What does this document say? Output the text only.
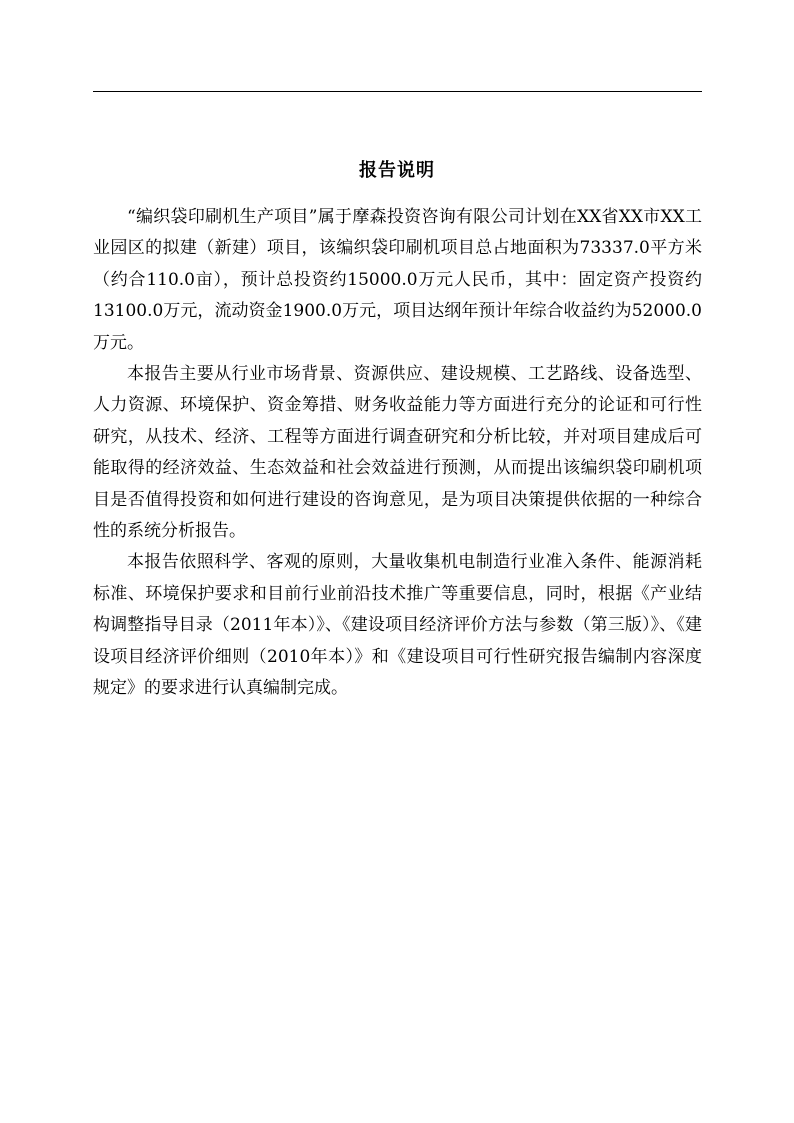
报告说明

“编织袋印刷机生产项目”属于摩森投资咨询有限公司计划在XX省XX市XX工业园区的拟建（新建）项目，该编织袋印刷机项目总占地面积为73337.0平方米（约合110.0亩），预计总投资约15000.0万元人民币，其中：固定资产投资约13100.0万元，流动资金1900.0万元，项目达纲年预计年综合收益约为52000.0万元。

本报告主要从行业市场背景、资源供应、建设规模、工艺路线、设备选型、人力资源、环境保护、资金筹措、财务收益能力等方面进行充分的论证和可行性研究，从技术、经济、工程等方面进行调查研究和分析比较，并对项目建成后可能取得的经济效益、生态效益和社会效益进行预测，从而提出该编织袋印刷机项目是否值得投资和如何进行建设的咨询意见，是为项目决策提供依据的一种综合性的系统分析报告。

本报告依照科学、客观的原则，大量收集机电制造行业准入条件、能源消耗标准、环境保护要求和目前行业前沿技术推广等重要信息，同时，根据《产业结构调整指导目录（2011年本）》、《建设项目经济评价方法与参数（第三版）》、《建设项目经济评价细则（2010年本）》和《建设项目可行性研究报告编制内容深度规定》的要求进行认真编制完成。
